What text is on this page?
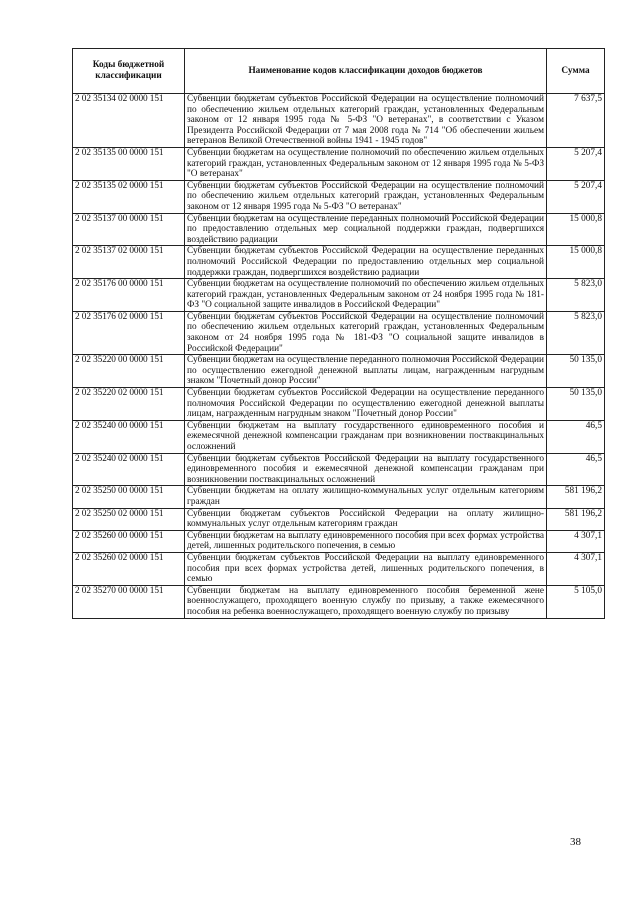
Коды бюджетной классификации	Наименование кодов классификации доходов бюджетов	Сумма
2 02 35134 02 0000 151	Субвенции бюджетам субъектов Российской Федерации на осуществление полномочий по обеспечению жильем отдельных категорий граждан, установленных Федеральным законом от 12 января 1995 года № 5-ФЗ "О ветеранах", в соответствии с Указом Президента Российской Федерации от 7 мая 2008 года № 714 "Об обеспечении жильем ветеранов Великой Отечественной войны 1941 - 1945 годов"	7 637,5
2 02 35135 00 0000 151	Субвенции бюджетам на осуществление полномочий по обеспечению жильем отдельных категорий граждан, установленных Федеральным законом от 12 января 1995 года № 5-ФЗ "О ветеранах"	5 207,4
2 02 35135 02 0000 151	Субвенции бюджетам субъектов Российской Федерации на осуществление полномочий по обеспечению жильем отдельных категорий граждан, установленных Федеральным законом от 12 января 1995 года № 5-ФЗ "О ветеранах"	5 207,4
2 02 35137 00 0000 151	Субвенции бюджетам на осуществление переданных полномочий Российской Федерации по предоставлению отдельных мер социальной поддержки граждан, подвергшихся воздействию радиации	15 000,8
2 02 35137 02 0000 151	Субвенции бюджетам субъектов Российской Федерации на осуществление переданных полномочий Российской Федерации по предоставлению отдельных мер социальной поддержки граждан, подвергшихся воздействию радиации	15 000,8
2 02 35176 00 0000 151	Субвенции бюджетам на осуществление полномочий по обеспечению жильем отдельных категорий граждан, установленных Федеральным законом от 24 ноября 1995 года № 181-ФЗ "О социальной защите инвалидов в Российской Федерации"	5 823,0
2 02 35176 02 0000 151	Субвенции бюджетам субъектов Российской Федерации на осуществление полномочий по обеспечению жильем отдельных категорий граждан, установленных Федеральным законом от 24 ноября 1995 года № 181-ФЗ "О социальной защите инвалидов в Российской Федерации"	5 823,0
2 02 35220 00 0000 151	Субвенции бюджетам на осуществление переданного полномочия Российской Федерации по осуществлению ежегодной денежной выплаты лицам, награжденным нагрудным знаком "Почетный донор России"	50 135,0
2 02 35220 02 0000 151	Субвенции бюджетам субъектов Российской Федерации на осуществление переданного полномочия Российской Федерации по осуществлению ежегодной денежной выплаты лицам, награжденным нагрудным знаком "Почетный донор России"	50 135,0
2 02 35240 00 0000 151	Субвенции бюджетам на выплату государственного единовременного пособия и ежемесячной денежной компенсации гражданам при возникновении поствакцинальных осложнений	46,5
2 02 35240 02 0000 151	Субвенции бюджетам субъектов Российской Федерации на выплату государственного единовременного пособия и ежемесячной денежной компенсации гражданам при возникновении поствакцинальных осложнений	46,5
2 02 35250 00 0000 151	Субвенции бюджетам на оплату жилищно-коммунальных услуг отдельным категориям граждан	581 196,2
2 02 35250 02 0000 151	Субвенции бюджетам субъектов Российской Федерации на оплату жилищно-коммунальных услуг отдельным категориям граждан	581 196,2
2 02 35260 00 0000 151	Субвенции бюджетам на выплату единовременного пособия при всех формах устройства детей, лишенных родительского попечения, в семью	4 307,1
2 02 35260 02 0000 151	Субвенции бюджетам субъектов Российской Федерации на выплату единовременного пособия при всех формах устройства детей, лишенных родительского попечения, в семью	4 307,1
2 02 35270 00 0000 151	Субвенции бюджетам на выплату единовременного пособия беременной жене военнослужащего, проходящего военную службу по призыву, а также ежемесячного пособия на ребенка военнослужащего, проходящего военную службу по призыву	5 105,0
38
